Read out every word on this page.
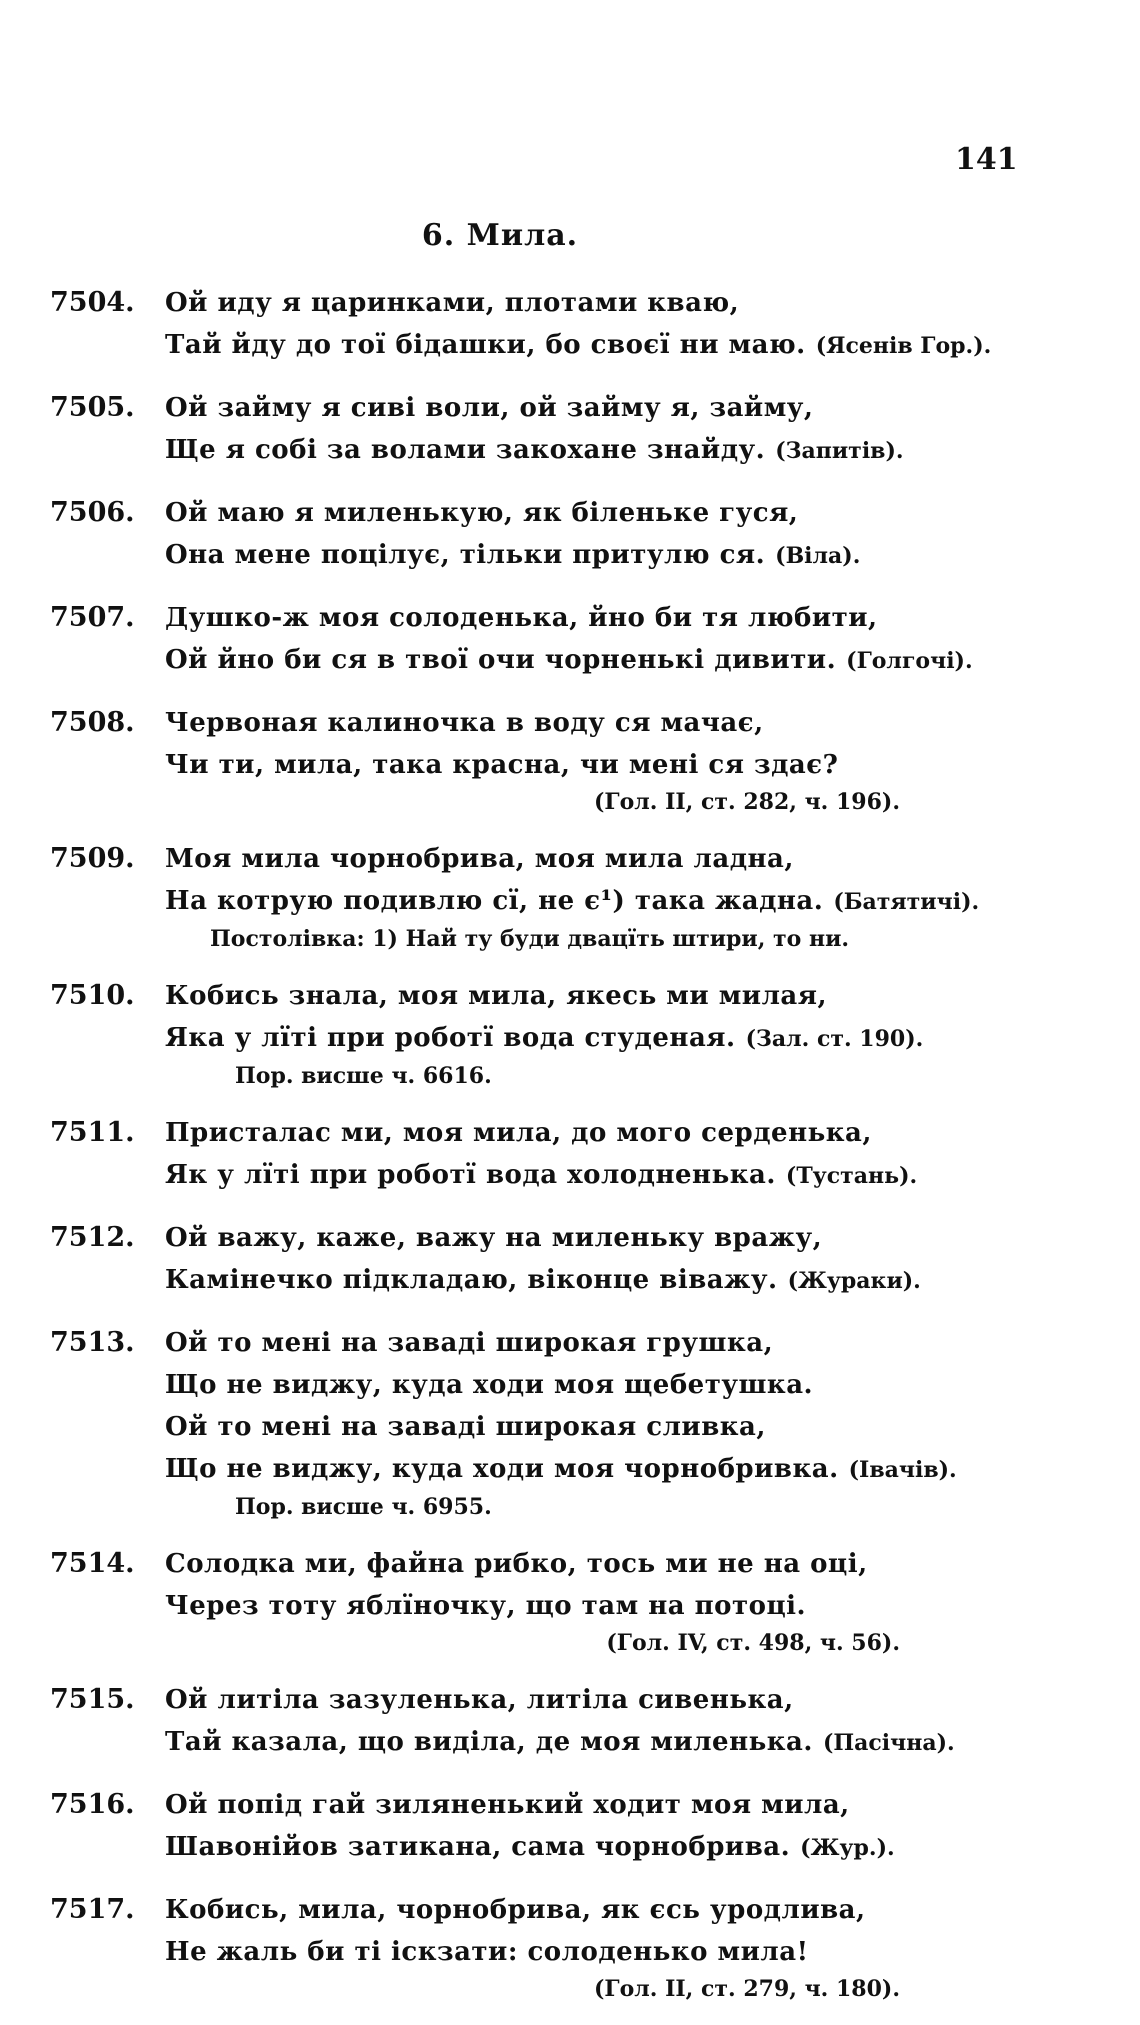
141
6. Мила.
7504.	Ой иду я царинками, плотами кваю,
Тай йду до тої бідашки, бо своєї ни маю. (Ясенів Гор.).
7505.	Ой займу я сиві воли, ой займу я, займу,
Ще я собі за волами закохане знайду. (Запитів).
7506.	Ой маю я миленькую, як біленьке гуся,
Она мене поцілує, тільки притулю ся. (Віла).
7507.	Душко-ж моя солоденька, йно би тя любити,
Ой йно би ся в твої очи чорненькі дивити. (Голгочі).
7508.	Червоная калиночка в воду ся мачає,
Чи ти, мила, така красна, чи мені ся здає?
(Гол. II, ст. 282, ч. 196).
7509.	Моя мила чорнобрива, моя мила ладна,
На котрую подивлю сї, не є¹) така жадна. (Батятичі).
Постолівка: 1) Най ту буди двацїть штири, то ни.
7510.	Кобись знала, моя мила, якесь ми милая,
Яка у лїті при роботї вода студеная. (Зал. ст. 190).
Пор. висше ч. 6616.
7511.	Присталас ми, моя мила, до мого серденька,
Як у лїті при роботї вода холодненька. (Тустань).
7512.	Ой важу, каже, важу на миленьку вражу,
Камінечко підкладаю, віконце віважу. (Жураки).
7513.	Ой то мені на заваді широкая грушка,
Що не виджу, куда ходи моя щебетушка.
Ой то мені на заваді широкая сливка,
Що не виджу, куда ходи моя чорнобривка. (Івачів).
Пор. висше ч. 6955.
7514.	Солодка ми, файна рибко, тось ми не на оці,
Через тоту яблїночку, що там на потоці.
(Гол. IV, ст. 498, ч. 56).
7515.	Ой литіла зазуленька, литіла сивенька,
Тай казала, що виділа, де моя миленька. (Пасічна).
7516.	Ой попід гай зиляненький ходит моя мила,
Шавонійов затикана, сама чорнобрива. (Жур.).
7517.	Кобись, мила, чорнобрива, як єсь уродлива,
Не жаль би ті іскзати: солоденько мила!
(Гол. II, ст. 279, ч. 180).
